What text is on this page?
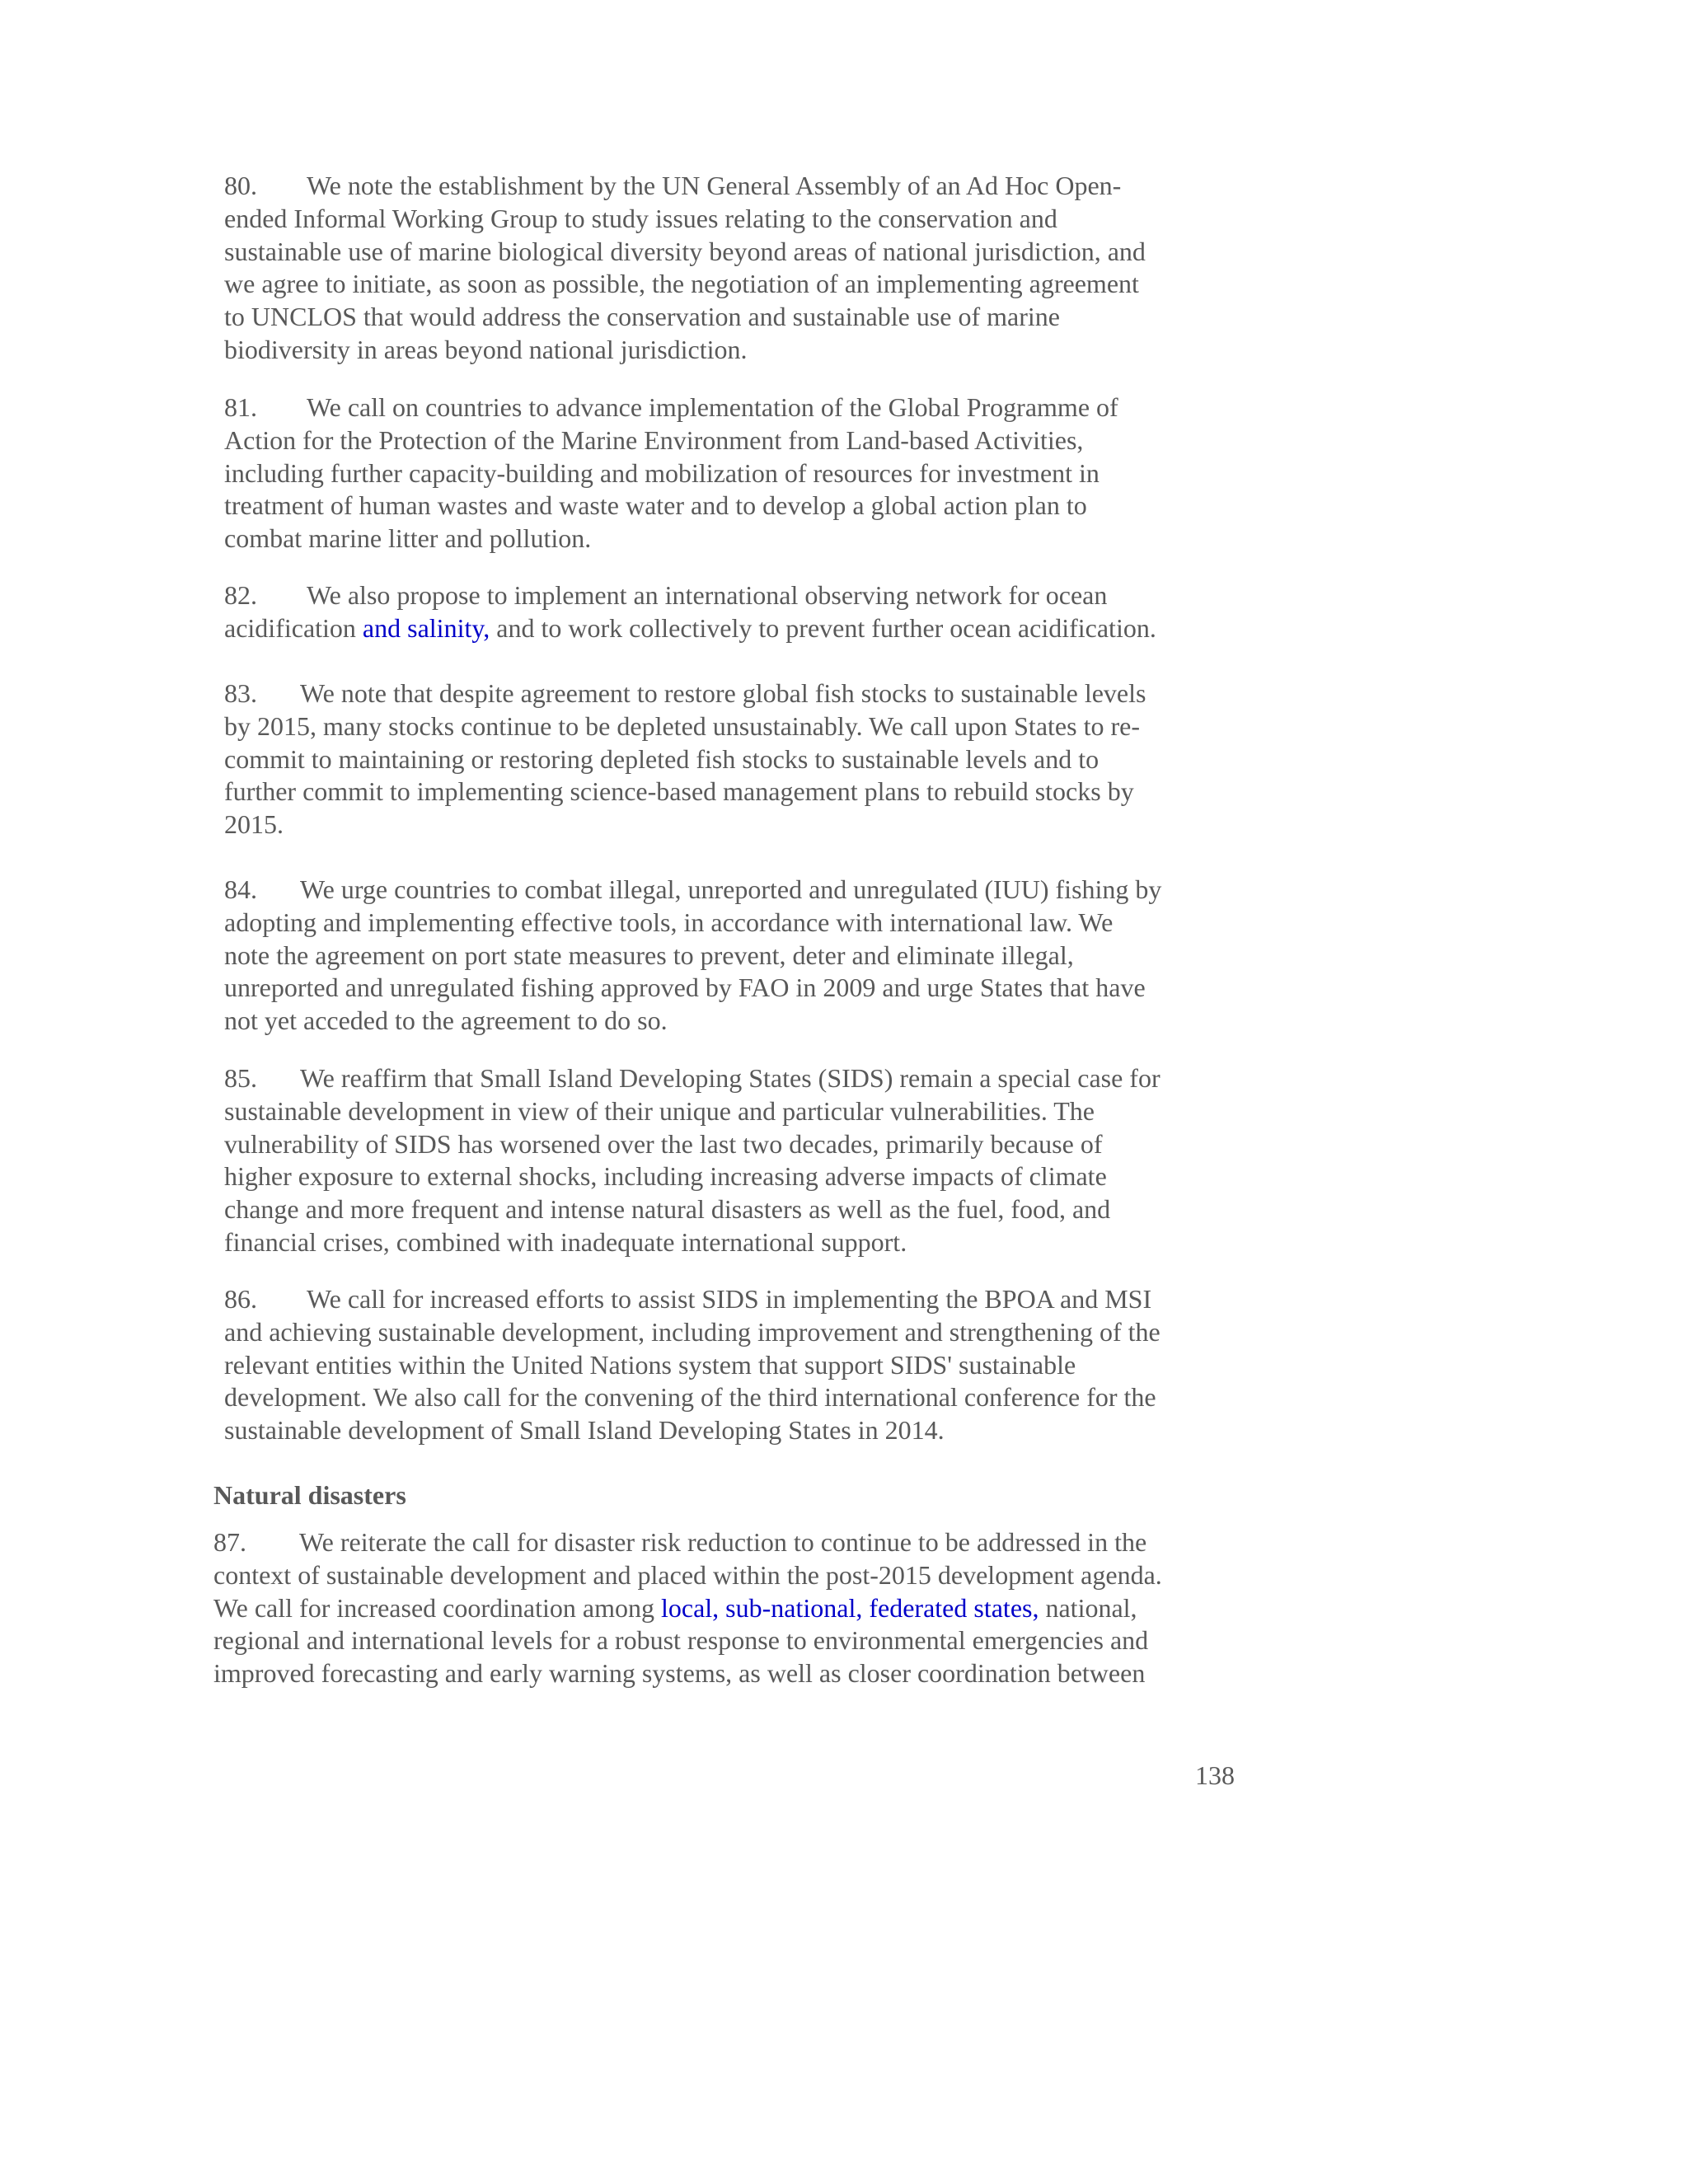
80. We note the establishment by the UN General Assembly of an Ad Hoc Open-
ended Informal Working Group to study issues relating to the conservation and
sustainable use of marine biological diversity beyond areas of national jurisdiction, and
we agree to initiate, as soon as possible, the negotiation of an implementing agreement
to UNCLOS that would address the conservation and sustainable use of marine
biodiversity in areas beyond national jurisdiction.
81. We call on countries to advance implementation of the Global Programme of
Action for the Protection of the Marine Environment from Land-based Activities,
including further capacity-building and mobilization of resources for investment in
treatment of human wastes and waste water and to develop a global action plan to
combat marine litter and pollution.
82. We also propose to implement an international observing network for ocean
acidification and salinity, and to work collectively to prevent further ocean acidification.
83. We note that despite agreement to restore global fish stocks to sustainable levels
by 2015, many stocks continue to be depleted unsustainably. We call upon States to re-
commit to maintaining or restoring depleted fish stocks to sustainable levels and to
further commit to implementing science-based management plans to rebuild stocks by
2015.
84. We urge countries to combat illegal, unreported and unregulated (IUU) fishing by
adopting and implementing effective tools, in accordance with international law. We
note the agreement on port state measures to prevent, deter and eliminate illegal,
unreported and unregulated fishing approved by FAO in 2009 and urge States that have
not yet acceded to the agreement to do so.
85. We reaffirm that Small Island Developing States (SIDS) remain a special case for
sustainable development in view of their unique and particular vulnerabilities. The
vulnerability of SIDS has worsened over the last two decades, primarily because of
higher exposure to external shocks, including increasing adverse impacts of climate
change and more frequent and intense natural disasters as well as the fuel, food, and
financial crises, combined with inadequate international support.
86. We call for increased efforts to assist SIDS in implementing the BPOA and MSI
and achieving sustainable development, including improvement and strengthening of the
relevant entities within the United Nations system that support SIDS' sustainable
development. We also call for the convening of the third international conference for the
sustainable development of Small Island Developing States in 2014.
Natural disasters
87. We reiterate the call for disaster risk reduction to continue to be addressed in the
context of sustainable development and placed within the post-2015 development agenda.
We call for increased coordination among local, sub-national, federated states, national,
regional and international levels for a robust response to environmental emergencies and
improved forecasting and early warning systems, as well as closer coordination between
138
